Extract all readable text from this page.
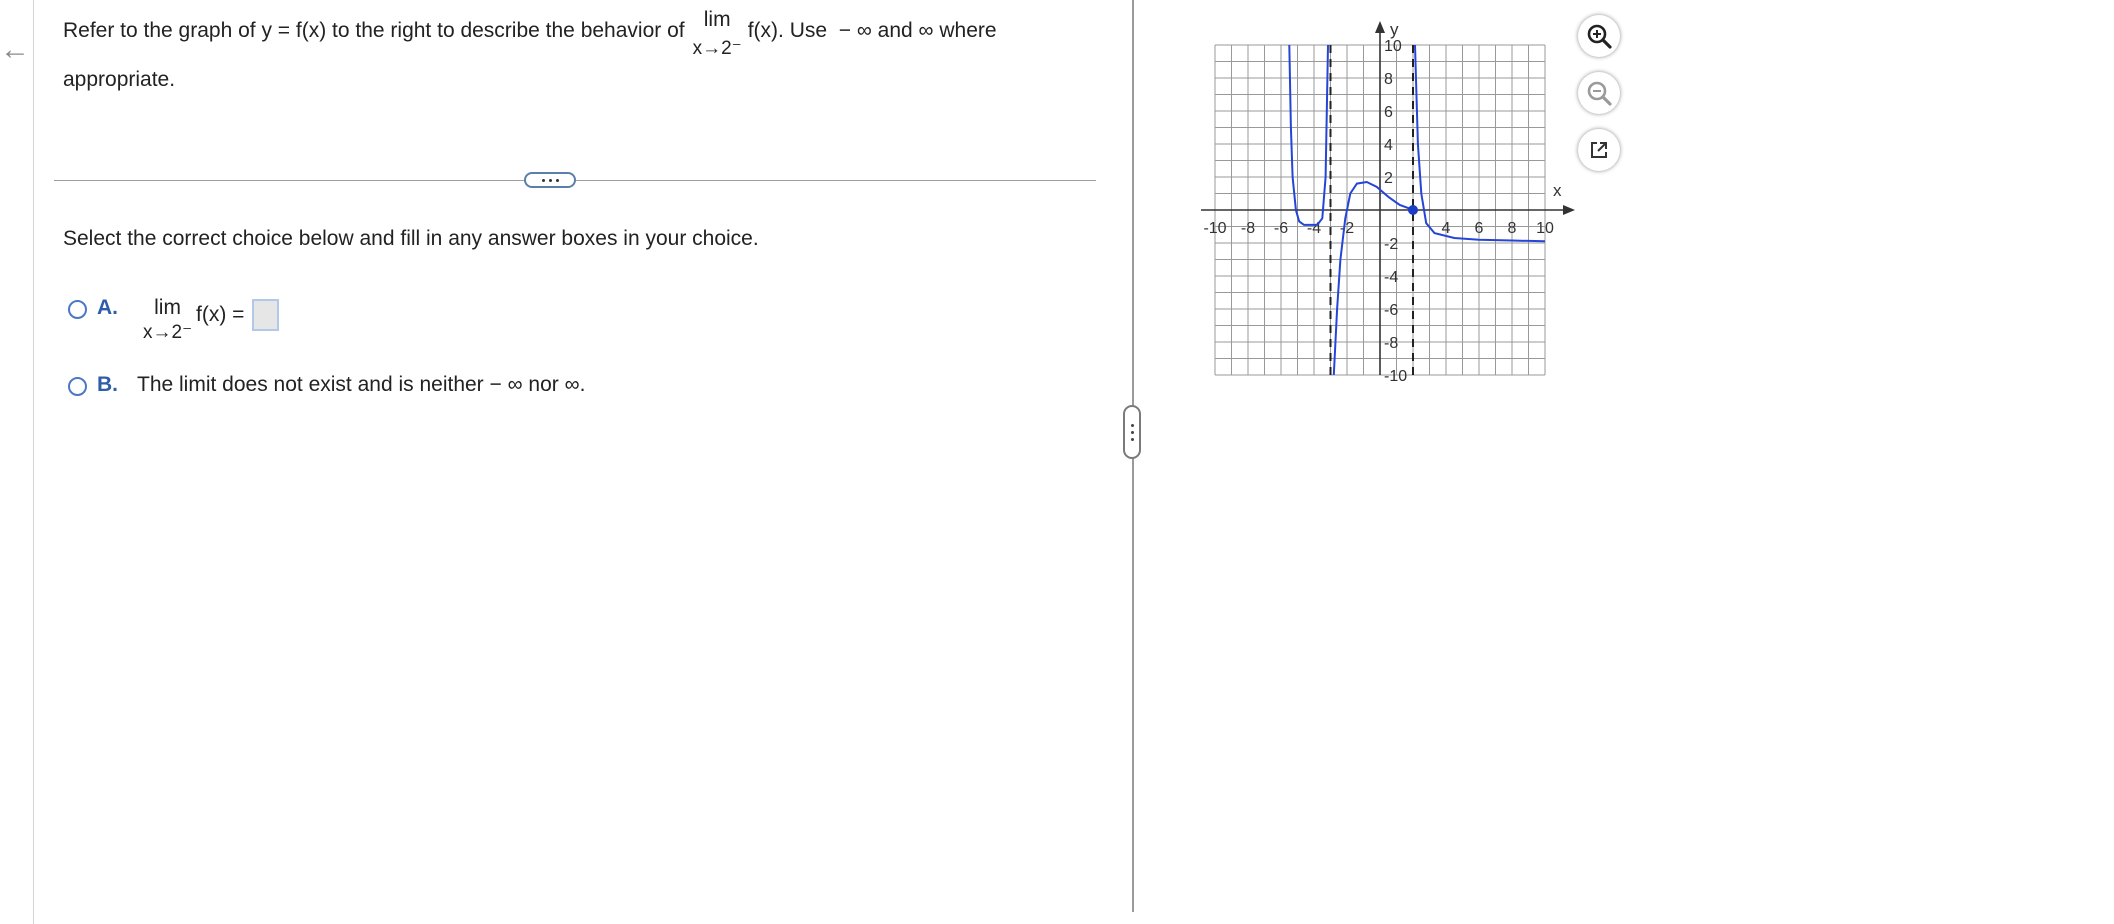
←
Refer to the graph of y = f(x) to the right to describe the behavior of lim
x→2⁻
f(x). Use
− ∞
and
∞
where
appropriate.
Select the correct choice below and fill in any answer boxes in your choice.
A. lim
x→2⁻
f(x) =
B. The limit does not exist and is neither − ∞ nor ∞.
-10 -8 -6 -4 -2	4 6 8 10
10
8
6
4
2
-2
-4
-6
-8
-10
x
y
